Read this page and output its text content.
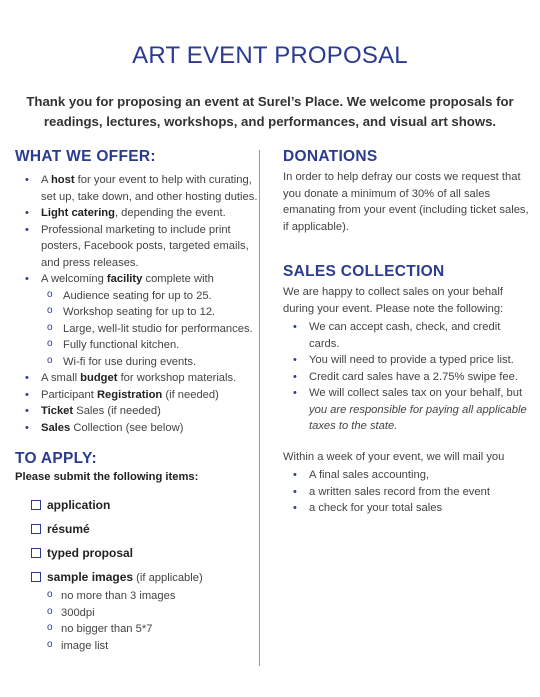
ART EVENT PROPOSAL
Thank you for proposing an event at Surel’s Place. We welcome proposals for readings, lectures, workshops, and performances, and visual art shows.
WHAT WE OFFER:
• A host for your event to help with curating, set up, take down, and other hosting duties.
• Light catering, depending the event.
• Professional marketing to include print posters, Facebook posts, targeted emails, and press releases.
• A welcoming facility complete with
o Audience seating for up to 25.
o Workshop seating for up to 12.
o Large, well-lit studio for performances.
o Fully functional kitchen.
o Wi-fi for use during events.
• A small budget for workshop materials.
• Participant Registration (if needed)
• Ticket Sales (if needed)
• Sales Collection (see below)
TO APPLY:
Please submit the following items:
application
résumé
typed proposal
sample images (if applicable)
o no more than 3 images
o 300dpi
o no bigger than 5*7
o image list
DONATIONS
In order to help defray our costs we request that you donate a minimum of 30% of all sales emanating from your event (including ticket sales, if applicable).
SALES COLLECTION
We are happy to collect sales on your behalf during your event. Please note the following:
• We can accept cash, check, and credit cards.
• You will need to provide a typed price list.
• Credit card sales have a 2.75% swipe fee.
• We will collect sales tax on your behalf, but you are responsible for paying all applicable taxes to the state.
Within a week of your event, we will mail you
• A final sales accounting,
• a written sales record from the event
• a check for your total sales
